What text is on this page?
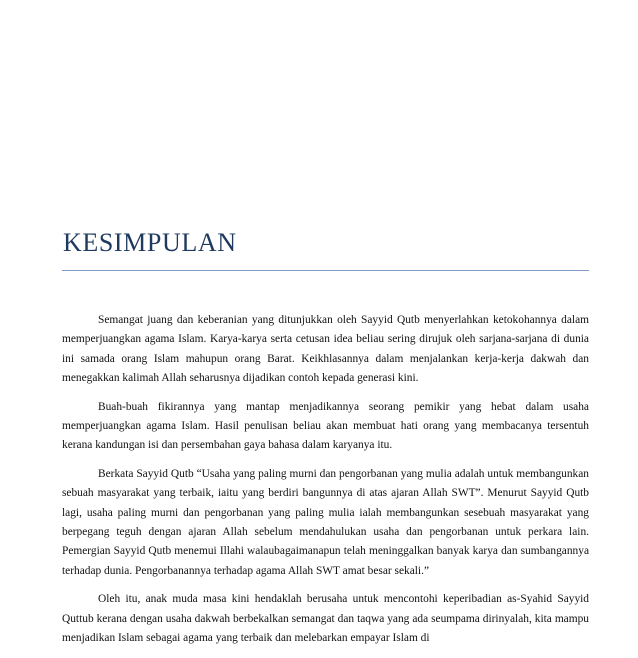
KESIMPULAN

Semangat juang dan keberanian yang ditunjukkan oleh Sayyid Qutb menyerlahkan ketokohannya dalam memperjuangkan agama Islam. Karya-karya serta cetusan idea beliau sering dirujuk oleh sarjana-sarjana di dunia ini samada orang Islam mahupun orang Barat. Keikhlasannya dalam menjalankan kerja-kerja dakwah dan menegakkan kalimah Allah seharusnya dijadikan contoh kepada generasi kini.

Buah-buah fikirannya yang mantap menjadikannya seorang pemikir yang hebat dalam usaha memperjuangkan agama Islam. Hasil penulisan beliau akan membuat hati orang yang membacanya tersentuh kerana kandungan isi dan persembahan gaya bahasa dalam karyanya itu.

Berkata Sayyid Qutb “Usaha yang paling murni dan pengorbanan yang mulia adalah untuk membangunkan sebuah masyarakat yang terbaik, iaitu yang berdiri bangunnya di atas ajaran Allah SWT”. Menurut Sayyid Qutb lagi, usaha paling murni dan pengorbanan yang paling mulia ialah membangunkan sesebuah masyarakat yang berpegang teguh dengan ajaran Allah sebelum mendahulukan usaha dan pengorbanan untuk perkara lain. Pemergian Sayyid Qutb menemui Illahi walaubagaimanapun telah meninggalkan banyak karya dan sumbangannya terhadap dunia. Pengorbanannya terhadap agama Allah SWT amat besar sekali.”

Oleh itu, anak muda masa kini hendaklah berusaha untuk mencontohi keperibadian as-Syahid Sayyid Quttub kerana dengan usaha dakwah berbekalkan semangat dan taqwa yang ada seumpama dirinyalah, kita mampu menjadikan Islam sebagai agama yang terbaik dan melebarkan empayar Islam di
